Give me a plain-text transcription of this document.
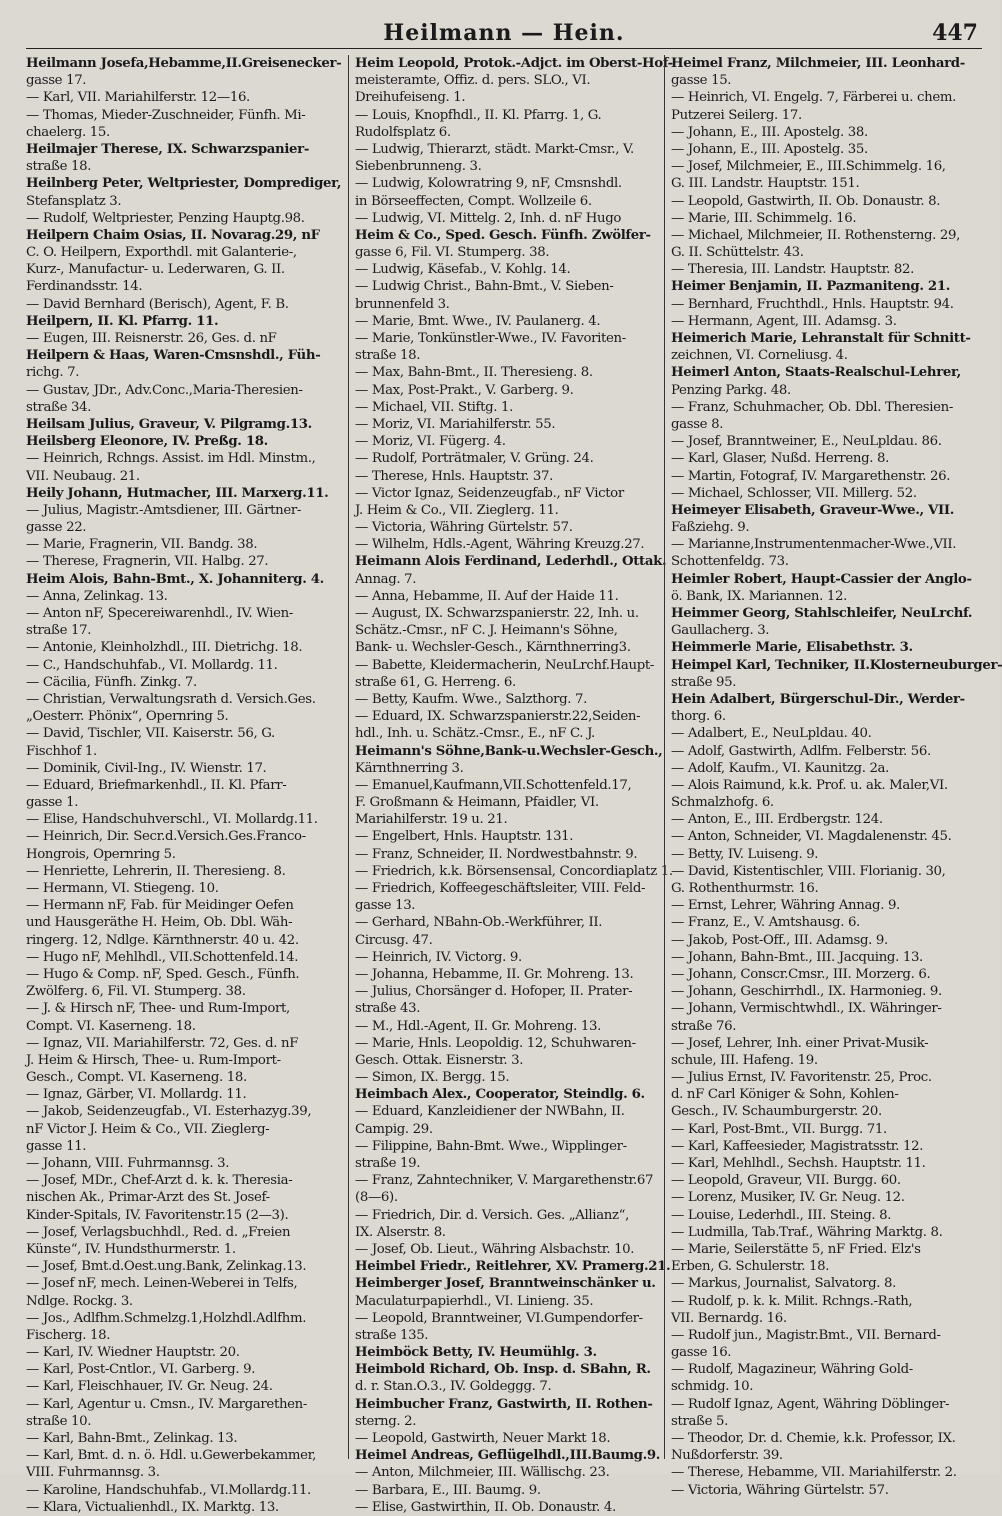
Heilmann — Hein.	447
Heilmann Josefa,Hebamme,II.Greisenecker-
gasse 17.
— Karl, VII. Mariahilferstr. 12—16.
— Thomas, Mieder-Zuschneider, Fünfh. Mi-
chaelerg. 15.
Heilmajer Therese, IX. Schwarzspanier-
straße 18.
Heilnberg Peter, Weltpriester, Domprediger,
Stefansplatz 3.
— Rudolf, Weltpriester, Penzing Hauptg.98.
Heilpern Chaim Osias, II. Novarag.29, nF
C. O. Heilpern, Exporthdl. mit Galanterie-,
Kurz-, Manufactur- u. Lederwaren, G. II.
Ferdinandsstr. 14.
— David Bernhard (Berisch), Agent, F. B.
Heilpern, II. Kl. Pfarrg. 11.
— Eugen, III. Reisnerstr. 26, Ges. d. nF
Heilpern & Haas, Waren-Cmsnshdl., Füh-
richg. 7.
— Gustav, JDr., Adv.Conc.,Maria-Theresien-
straße 34.
Heilsam Julius, Graveur, V. Pilgramg.13.
Heilsberg Eleonore, IV. Preßg. 18.
— Heinrich, Rchngs. Assist. im Hdl. Minstm.,
VII. Neubaug. 21.
Heily Johann, Hutmacher, III. Marxerg.11.
— Julius, Magistr.-Amtsdiener, III. Gärtner-
gasse 22.
— Marie, Fragnerin, VII. Bandg. 38.
— Therese, Fragnerin, VII. Halbg. 27.
Heim Alois, Bahn-Bmt., X. Johanniterg. 4.
— Anna, Zelinkag. 13.
— Anton nF, Specereiwarenhdl., IV. Wien-
straße 17.
— Antonie, Kleinholzhdl., III. Dietrichg. 18.
— C., Handschuhfab., VI. Mollardg. 11.
— Cäcilia, Fünfh. Zinkg. 7.
— Christian, Verwaltungsrath d. Versich.Ges.
„Oesterr. Phönix“, Opernring 5.
— David, Tischler, VII. Kaiserstr. 56, G.
Fischhof 1.
— Dominik, Civil-Ing., IV. Wienstr. 17.
— Eduard, Briefmarkenhdl., II. Kl. Pfarr-
gasse 1.
— Elise, Handschuhverschl., VI. Mollardg.11.
— Heinrich, Dir. Secr.d.Versich.Ges.Franco-
Hongrois, Opernring 5.
— Henriette, Lehrerin, II. Theresieng. 8.
— Hermann, VI. Stiegeng. 10.
— Hermann nF, Fab. für Meidinger Oefen
und Hausgeräthe H. Heim, Ob. Dbl. Wäh-
ringerg. 12, Ndlge. Kärnthnerstr. 40 u. 42.
— Hugo nF, Mehlhdl., VII.Schottenfeld.14.
— Hugo & Comp. nF, Sped. Gesch., Fünfh.
Zwölferg. 6, Fil. VI. Stumperg. 38.
— J. & Hirsch nF, Thee- und Rum-Import,
Compt. VI. Kaserneng. 18.
— Ignaz, VII. Mariahilferstr. 72, Ges. d. nF
J. Heim & Hirsch, Thee- u. Rum-Import-
Gesch., Compt. VI. Kaserneng. 18.
— Ignaz, Gärber, VI. Mollardg. 11.
— Jakob, Seidenzeugfab., VI. Esterhazyg.39,
nF Victor J. Heim & Co., VII. Zieglerg-
gasse 11.
— Johann, VIII. Fuhrmannsg. 3.
— Josef, MDr., Chef-Arzt d. k. k. Theresia-
nischen Ak., Primar-Arzt des St. Josef-
Kinder-Spitals, IV. Favoritenstr.15 (2—3).
— Josef, Verlagsbuchhdl., Red. d. „Freien
Künste“, IV. Hundsthurmerstr. 1.
— Josef, Bmt.d.Oest.ung.Bank, Zelinkag.13.
— Josef nF, mech. Leinen-Weberei in Telfs,
Ndlge. Rockg. 3.
— Jos., Adlfhm.Schmelzg.1,Holzhdl.Adlfhm.
Fischerg. 18.
— Karl, IV. Wiedner Hauptstr. 20.
— Karl, Post-Cntlor., VI. Garberg. 9.
— Karl, Fleischhauer, IV. Gr. Neug. 24.
— Karl, Agentur u. Cmsn., IV. Margarethen-
straße 10.
— Karl, Bahn-Bmt., Zelinkag. 13.
— Karl, Bmt. d. n. ö. Hdl. u.Gewerbekammer,
VIII. Fuhrmannsg. 3.
— Karoline, Handschuhfab., VI.Mollardg.11.
— Klara, Victualienhdl., IX. Marktg. 13.
Heim Leopold, Protok.-Adjct. im Oberst-Hof-
meisteramte, Offiz. d. pers. SLO., VI.
Dreihufeiseng. 1.
— Louis, Knopfhdl., II. Kl. Pfarrg. 1, G.
Rudolfsplatz 6.
— Ludwig, Thierarzt, städt. Markt-Cmsr., V.
Siebenbrunneng. 3.
— Ludwig, Kolowratring 9, nF, Cmsnshdl.
in Börseeffecten, Compt. Wollzeile 6.
— Ludwig, VI. Mittelg. 2, Inh. d. nF Hugo
Heim & Co., Sped. Gesch. Fünfh. Zwölfer-
gasse 6, Fil. VI. Stumperg. 38.
— Ludwig, Käsefab., V. Kohlg. 14.
— Ludwig Christ., Bahn-Bmt., V. Sieben-
brunnenfeld 3.
— Marie, Bmt. Wwe., IV. Paulanerg. 4.
— Marie, Tonkünstler-Wwe., IV. Favoriten-
straße 18.
— Max, Bahn-Bmt., II. Theresieng. 8.
— Max, Post-Prakt., V. Garberg. 9.
— Michael, VII. Stiftg. 1.
— Moriz, VI. Mariahilferstr. 55.
— Moriz, VI. Fügerg. 4.
— Rudolf, Porträtmaler, V. Grüng. 24.
— Therese, Hnls. Hauptstr. 37.
— Victor Ignaz, Seidenzeugfab., nF Victor
J. Heim & Co., VII. Zieglerg. 11.
— Victoria, Währing Gürtelstr. 57.
— Wilhelm, Hdls.-Agent, Währing Kreuzg.27.
Heimann Alois Ferdinand, Lederhdl., Ottak.
Annag. 7.
— Anna, Hebamme, II. Auf der Haide 11.
— August, IX. Schwarzspanierstr. 22, Inh. u.
Schätz.-Cmsr., nF C. J. Heimann's Söhne,
Bank- u. Wechsler-Gesch., Kärnthnerring3.
— Babette, Kleidermacherin, NeuLrchf.Haupt-
straße 61, G. Herreng. 6.
— Betty, Kaufm. Wwe., Salzthorg. 7.
— Eduard, IX. Schwarzspanierstr.22,Seiden-
hdl., Inh. u. Schätz.-Cmsr., E., nF C. J.
Heimann's Söhne,Bank-u.Wechsler-Gesch.,
Kärnthnerring 3.
— Emanuel,Kaufmann,VII.Schottenfeld.17,
F. Großmann & Heimann, Pfaidler, VI.
Mariahilferstr. 19 u. 21.
— Engelbert, Hnls. Hauptstr. 131.
— Franz, Schneider, II. Nordwestbahnstr. 9.
— Friedrich, k.k. Börsensensal, Concordiaplatz 1.
— Friedrich, Koffeegeschäftsleiter, VIII. Feld-
gasse 13.
— Gerhard, NBahn-Ob.-Werkführer, II.
Circusg. 47.
— Heinrich, IV. Victorg. 9.
— Johanna, Hebamme, II. Gr. Mohreng. 13.
— Julius, Chorsänger d. Hofoper, II. Prater-
straße 43.
— M., Hdl.-Agent, II. Gr. Mohreng. 13.
— Marie, Hnls. Leopoldig. 12, Schuhwaren-
Gesch. Ottak. Eisnerstr. 3.
— Simon, IX. Bergg. 15.
Heimbach Alex., Cooperator, Steindlg. 6.
— Eduard, Kanzleidiener der NWBahn, II.
Campig. 29.
— Filippine, Bahn-Bmt. Wwe., Wipplinger-
straße 19.
— Franz, Zahntechniker, V. Margarethenstr.67
(8—6).
— Friedrich, Dir. d. Versich. Ges. „Allianz“,
IX. Alserstr. 8.
— Josef, Ob. Lieut., Währing Alsbachstr. 10.
Heimbel Friedr., Reitlehrer, XV. Pramerg.21.
Heimberger Josef, Branntweinschänker u.
Maculaturpapierhdl., VI. Linieng. 35.
— Leopold, Branntweiner, VI.Gumpendorfer-
straße 135.
Heimböck Betty, IV. Heumühlg. 3.
Heimbold Richard, Ob. Insp. d. SBahn, R.
d. r. Stan.O.3., IV. Goldeggg. 7.
Heimbucher Franz, Gastwirth, II. Rothen-
sterng. 2.
— Leopold, Gastwirth, Neuer Markt 18.
Heimel Andreas, Geflügelhdl.,III.Baumg.9.
— Anton, Milchmeier, III. Wällischg. 23.
— Barbara, E., III. Baumg. 9.
— Elise, Gastwirthin, II. Ob. Donaustr. 4.
Heimel Franz, Milchmeier, III. Leonhard-
gasse 15.
— Heinrich, VI. Engelg. 7, Färberei u. chem.
Putzerei Seilerg. 17.
— Johann, E., III. Apostelg. 38.
— Johann, E., III. Apostelg. 35.
— Josef, Milchmeier, E., III.Schimmelg. 16,
G. III. Landstr. Hauptstr. 151.
— Leopold, Gastwirth, II. Ob. Donaustr. 8.
— Marie, III. Schimmelg. 16.
— Michael, Milchmeier, II. Rothensterng. 29,
G. II. Schüttelstr. 43.
— Theresia, III. Landstr. Hauptstr. 82.
Heimer Benjamin, II. Pazmaniteng. 21.
— Bernhard, Fruchthdl., Hnls. Hauptstr. 94.
— Hermann, Agent, III. Adamsg. 3.
Heimerich Marie, Lehranstalt für Schnitt-
zeichnen, VI. Corneliusg. 4.
Heimerl Anton, Staats-Realschul-Lehrer,
Penzing Parkg. 48.
— Franz, Schuhmacher, Ob. Dbl. Theresien-
gasse 8.
— Josef, Branntweiner, E., NeuLpldau. 86.
— Karl, Glaser, Nußd. Herreng. 8.
— Martin, Fotograf, IV. Margarethenstr. 26.
— Michael, Schlosser, VII. Millerg. 52.
Heimeyer Elisabeth, Graveur-Wwe., VII.
Faßziehg. 9.
— Marianne,Instrumentenmacher-Wwe.,VII.
Schottenfeldg. 73.
Heimler Robert, Haupt-Cassier der Anglo-
ö. Bank, IX. Mariannen. 12.
Heimmer Georg, Stahlschleifer, NeuLrchf.
Gaullacherg. 3.
Heimmerle Marie, Elisabethstr. 3.
Heimpel Karl, Techniker, II.Klosterneuburger-
straße 95.
Hein Adalbert, Bürgerschul-Dir., Werder-
thorg. 6.
— Adalbert, E., NeuLpldau. 40.
— Adolf, Gastwirth, Adlfm. Felberstr. 56.
— Adolf, Kaufm., VI. Kaunitzg. 2a.
— Alois Raimund, k.k. Prof. u. ak. Maler,VI.
Schmalzhofg. 6.
— Anton, E., III. Erdbergstr. 124.
— Anton, Schneider, VI. Magdalenenstr. 45.
— Betty, IV. Luiseng. 9.
— David, Kistentischler, VIII. Florianig. 30,
G. Rothenthurmstr. 16.
— Ernst, Lehrer, Währing Annag. 9.
— Franz, E., V. Amtshausg. 6.
— Jakob, Post-Off., III. Adamsg. 9.
— Johann, Bahn-Bmt., III. Jacquing. 13.
— Johann, Conscr.Cmsr., III. Morzerg. 6.
— Johann, Geschirrhdl., IX. Harmonieg. 9.
— Johann, Vermischtwhdl., IX. Währinger-
straße 76.
— Josef, Lehrer, Inh. einer Privat-Musik-
schule, III. Hafeng. 19.
— Julius Ernst, IV. Favoritenstr. 25, Proc.
d. nF Carl Königer & Sohn, Kohlen-
Gesch., IV. Schaumburgerstr. 20.
— Karl, Post-Bmt., VII. Burgg. 71.
— Karl, Kaffeesieder, Magistratsstr. 12.
— Karl, Mehlhdl., Sechsh. Hauptstr. 11.
— Leopold, Graveur, VII. Burgg. 60.
— Lorenz, Musiker, IV. Gr. Neug. 12.
— Louise, Lederhdl., III. Steing. 8.
— Ludmilla, Tab.Traf., Währing Marktg. 8.
— Marie, Seilerstätte 5, nF Fried. Elz's
Erben, G. Schulerstr. 18.
— Markus, Journalist, Salvatorg. 8.
— Rudolf, p. k. k. Milit. Rchngs.-Rath,
VII. Bernardg. 16.
— Rudolf jun., Magistr.Bmt., VII. Bernard-
gasse 16.
— Rudolf, Magazineur, Währing Gold-
schmidg. 10.
— Rudolf Ignaz, Agent, Währing Döblinger-
straße 5.
— Theodor, Dr. d. Chemie, k.k. Professor, IX.
Nußdorferstr. 39.
— Therese, Hebamme, VII. Mariahilferstr. 2.
— Victoria, Währing Gürtelstr. 57.
